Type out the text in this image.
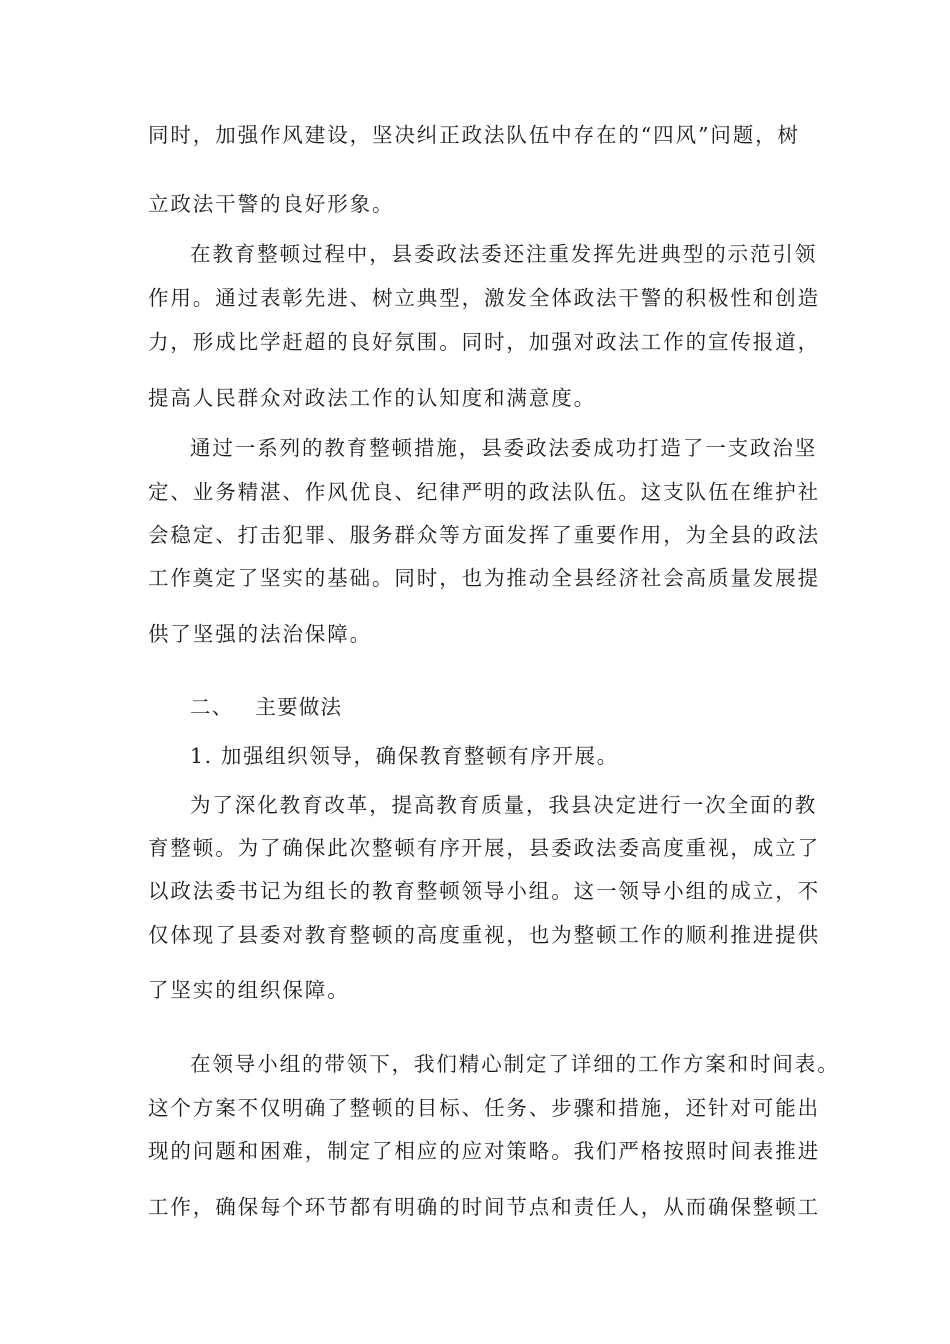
同时，加强作风建设，坚决纠正政法队伍中存在的“四风”问题，树
立政法干警的良好形象。
在教育整顿过程中，县委政法委还注重发挥先进典型的示范引领
作用。通过表彰先进、树立典型，激发全体政法干警的积极性和创造
力，形成比学赶超的良好氛围。同时，加强对政法工作的宣传报道，
提高人民群众对政法工作的认知度和满意度。
通过一系列的教育整顿措施，县委政法委成功打造了一支政治坚
定、业务精湛、作风优良、纪律严明的政法队伍。这支队伍在维护社
会稳定、打击犯罪、服务群众等方面发挥了重要作用，为全县的政法
工作奠定了坚实的基础。同时，也为推动全县经济社会高质量发展提
供了坚强的法治保障。
二、 主要做法
1. 加强组织领导，确保教育整顿有序开展。
为了深化教育改革，提高教育质量，我县决定进行一次全面的教
育整顿。为了确保此次整顿有序开展，县委政法委高度重视，成立了
以政法委书记为组长的教育整顿领导小组。这一领导小组的成立，不
仅体现了县委对教育整顿的高度重视，也为整顿工作的顺利推进提供
了坚实的组织保障。
在领导小组的带领下，我们精心制定了详细的工作方案和时间表。
这个方案不仅明确了整顿的目标、任务、步骤和措施，还针对可能出
现的问题和困难，制定了相应的应对策略。我们严格按照时间表推进
工作，确保每个环节都有明确的时间节点和责任人，从而确保整顿工
